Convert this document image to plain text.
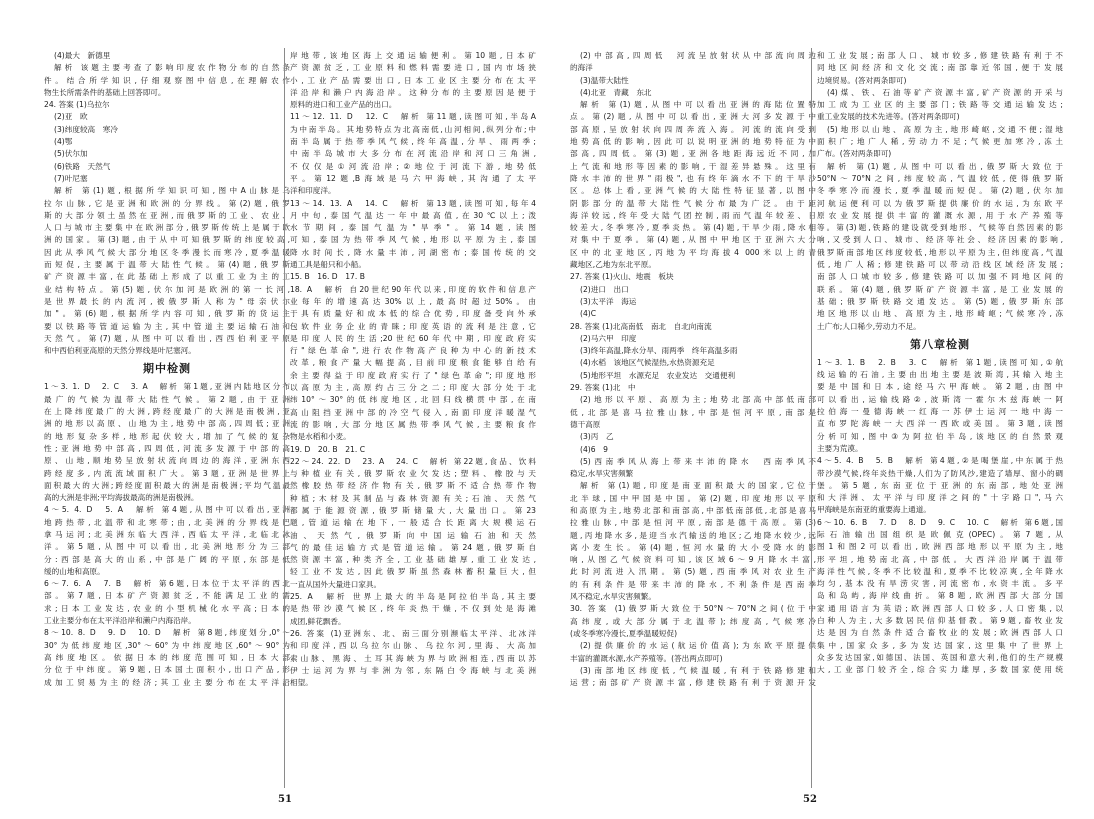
(4)最大　新德里
解析 该题主要考查了影响印度农作物分布的自然条
件。结合所学知识,仔细观察图中信息,在理解农作
物生长所需条件的基础上回答即可。
24. 答案 (1)乌拉尔
(2)亚　欧
(3)纬度较高　寒冷
(4)鄂
(5)伏尔加
(6)铁路　天然气
(7)叶尼塞
解析 第(1)题,根据所学知识可知,图中A山脉是乌
拉尔山脉,它是亚洲和欧洲的分界线。第(2)题,俄罗
斯的大部分领土虽然在亚洲,而俄罗斯的工业、农业、
人口与城市主要集中在欧洲部分,俄罗斯传统上是属于欧
洲的国家。第(3)题,由于从中可知俄罗斯的纬度较高,
因此从季风气候大部分地区冬季漫长而寒冷,夏季温暖
而短促,主要属于温带大陆性气候。第(4)题,俄罗斯
矿产资源丰富,在此基础上形成了以重工业为主的工
业结构特点。第(5)题,伏尔加河是欧洲的第一长河,
是世界最长的内流河,被俄罗斯人称为"母亲伏尔
加"。第(6)题,根据所学内容可知,俄罗斯的货运主
要以铁路等管道运输为主,其中管道主要运输石油和
天然气。第(7)题,从图中可以看出,西西伯利亚平原
和中西伯利亚高原的天然分界线是叶尼塞河。
期中检测
1～3. 1. D　2. C　3. A　解析 第1题,亚洲内陆地区分布
最广的气候为温带大陆性气候。第2题,由于亚洲
在上降纬度最广的大洲,跨经度最广的大洲是南极洲,亚
洲的地形以高原、山地为主,地势中部高,四周低;亚洲
的地形复杂多样,地形起伏较大,增加了气候的复杂
性;亚洲地势中部高,四周低,河流多发源于中部的高
原、山地,顺地势呈放射状流向周边的海洋,亚洲东西
跨经度多,内流流域面积广大。第3题,亚洲是世界上
面积最大的大洲;跨经度面积最大的洲是南极洲;平均气温最
高的大洲是非洲;平均海拔最高的洲是南极洲。
4～5. 4. D　5. A　解析 第4题,从图中可以看出,亚洲
地跨热带,北温带和北寒带;由,北美洲的分界线是巴
拿马运河;北美洲东临大西洋,西临太平洋,北临北冰
洋。第5题,从图中可以看出,北美洲地形分为三部
分:西部是高大的山系,中部是广阔的平原,东部是低
缓的山地和高原。
6～7. 6. A　7. B　解析 第6题,日本位于太平洋的西北
部。第7题,日本矿产资源贫乏,不能满足工业的需
求;日本工业发达,农业的小型机械化水平高;日本的
工业主要分布在太平洋沿岸和濑户内海沿岸。
8～10. 8. D　9. D　10. D　解析 第8题,纬度划分,0°～
30°为低纬度地区,30°～60°为中纬度地区,60°～90°为
高纬度地区。依据日本的纬度范围可知,日本大部
分位于中纬度。第9题,日本国土面积小,出口产品,形
成加工贸易为主的经济;其工业主要分布在太平洋沿
岸地带,该地区海上交通运输便利。第10题,日本矿
产资源贫乏,工业原料和燃料需要进口,国内市场狭
小,工业产品需要出口,日本工业区主要分布在太平
洋沿岸和濑户内海沿岸。这种分布的主要原因是便于
原料的进口和工业产品的出口。
11～12. 11. D　12. C　解析 第11题,读图可知,半岛A
为中南半岛。其地势特点为北高南低,山河相间,纵列分布;中
南半岛属于热带季风气候,终年高温,分旱、雨两季;
中南半岛城市大多分布在河流沿岸和河口三角洲,
不仅仅是①河流沿岸;②地位于河流下游,地势低
平。第12题,B海域是马六甲海峡,其沟通了太平
洋和印度洋。
13～14. 13. A　14. C　解析 第13题,读图可知,每年4
月中旬,泰国气温达一年中最高值,在30℃以上;泼
水节期间,泰国气温为"旱季"。第14题,读图
可知,泰国为热带季风气候,地形以平原为主,泰国
降水时间长,降水量丰沛,河湖密布;泰国传统的交
通工具是船只和小船。
15. B　16. D　17. B
18. A　解析 自20世纪90年代以来,印度的软件和信息产
业每年的增速高达30%以上,最高时超过50%。由
于具有质量好和成本低的综合优势,印度备受向外承
包软件业务企业的青睐;印度英语的流利是注意,它
是印度人民的生活;20世纪60年代中期,印度政府实
行"绿色革命",进行农作物高产良种为中心的新技术
改革,粮食产量大幅提高,目前印度粮食能够自给有
余主要得益于印度政府实行了"绿色革命";印度地形
以高原为主,高原约占三分之二;印度大部分处于北
纬10°～30°的低纬度地区,北回归线横贯中部,在南
高山阻挡亚洲中部的冷空气侵入,南面印度洋暖湿气
流的影响,大部分地区属热带季风气候,主要粮食作
物是水稻和小麦。
19. D　20. B　21. C
22～24. 22. D　23. A　24. C　解析 第22题,食品、饮料
与种植业有关,俄罗斯农业欠发达;塑料、橡胶与天
然橡胶热带经济作物有关,俄罗斯不适合热带作物
种植;木材及其制品与森林资源有关;石油、天然气
都属于能源资源,俄罗斯储量大,大量出口。第23
题,管道运输在地下,一般适合长距离大规模运石
油、天然气,俄罗斯向中国运输石油和天然
气的最佳运输方式是管道运输。第24题,俄罗斯自
然资源丰富,种类齐全,工业基础雄厚,重工业发达,
轻工业不发达,因此俄罗斯虽然森林蓄积量巨大,但
一直从国外大量进口家具。
25. A　解析 世界上最大的半岛是阿拉伯半岛,其主要
是热带沙漠气候区,终年炎热干燥,不仅到处是海滩
成团,鲜花飘香。
26. 答案 (1)亚洲东、北、南三面分别濒临太平洋、北冰洋
和印度洋,西以乌拉尔山脉、乌拉尔河,里海、大高加
索山脉、黑海、土耳其海峡为界与欧洲相连,西南以苏
伊士运河为界与非洲为邻,东隔白令海峡与北美洲
相望。
51
(2)中部高,四周低　河流呈放射状从中部流向周边
的海洋
(3)温带大陆性
(4)北亚　青藏　东北
解析 第(1)题,从图中可以看出亚洲的海陆位置特
点。第(2)题,从图中可以看出,亚洲大河多发源于中
部高原,呈放射状向四周奔流入海。河流的流向受到
地势高低的影响,因此可以说明亚洲的地势特征为中
部高,四周低。第(3)题,亚洲各地距海远近不同,加
上气流和地形等因素的影响,干湿差异悬殊。这里有
降水丰沛的世界"雨极",也有终年滴水不下的干旱沙
区。总体上看,亚洲气候的大陆性特征显著,以图中
阴影部分的温带大陆性气候分布最为广泛。由于距
海洋较远,终年受大陆气团控制,雨而气温年较差、日
较差大,冬季寒冷,夏季炎热。第(4)题,干旱少雨,降水相
对集中于夏季。第(4)题,从图中甲地区于亚洲六大分
区中的北亚地区,丙地为平均海拔4 000米以上的青
藏地区,乙地为东北平原。
27. 答案 (1)火山、地震　板块
(2)进口　出口
(3)太平洋　海运
(4)C
28. 答案 (1)北高南低　南北　自北向南流
(2)马六甲　印度
(3)终年高温,降水分旱、雨两季　终年高温多雨
(4)水稻　该地区气候湿热,水热资源充足
(5)地形平坦　水源充足　农业发达　交通便利
29. 答案 (1)北　中
(2)地形以平原、高原为主;地势北部高中部低南部
低,北部是喜马拉雅山脉,中部是恒河平原,南部是
德干高原
(3)丙　乙
(4)6　9
(5)西南季风从海上带来丰沛的降水　西南季风不
稳定,水旱灾害频繁
解析 第(1)题,印度是南亚面积最大的国家,它位于
北半球,国中甲国是中国。第(2)题,印度地形以平原
和高原为主,地势北部和南部高,中部低南部低,北部是喜马
拉雅山脉,中部是恒河平原,南部是德干高原。第(3)
题,丙地降水多,是迎当水汽输送的地区;乙地降水较少,远
离小麦生长。第(4)题,恒河水量的大小受降水的影
响,从图乙气候资料可知,该区域6～9月降水丰富,
此时河流进入汛期。第(5)题,西南季风对农业生产
的有利条件是带来丰沛的降水,不利条件是西南季
风不稳定,水旱灾害频繁。
30. 答案 (1)俄罗斯大致位于50°N～70°N之间(位于中
高纬度,或大部分属于北温带);纬度高,气候寒冷
(或冬季寒冷漫长,夏季温暖短促)
(2)提供廉价的水运(航运价值高);为东欧平原提供
丰富的灌溉水源,水产养殖等。(答出两点即可)
(3)南部地区纬度低,气候温暖,有利于铁路修建和
运营;南部矿产资源丰富,修建铁路有利于资源开发
和工业发展;南部人口、城市较多,修建铁路有利于不
同地区间经济和文化交流;南部靠近邻国,便于发展
边境贸易。(答对两条即可)
(4)煤、铁、石油等矿产资源丰富,矿产资源的开采与
加工成为工业区的主要部门;铁路等交通运输发达;
重工业发展的技术先进等。(答对两条即可)
(5)地形以山地、高原为主,地形崎岖,交通不便;湿地
面积广;地广人稀,劳动力不足;气候更加寒冷,冻土
广布。(答对两条即可)
解析 第(1)题,从图中可以看出,俄罗斯大致位于
50°N～70°N之间,纬度较高,气温较低,使得俄罗斯
冬季寒冷而漫长,夏季温暖而短促。第(2)题,伏尔加
河航运便利可以为俄罗斯提供廉价的水运,为东欧平
原农业发展提供丰富的灌溉水源,用于水产养殖等
等。第(3)题,铁路的建设就受到地形、气候等自然因素的影
响,又受到人口、城市、经济等社会、经济因素的影响,
俄罗斯南部地区纬度较低,地形以平原为主,但纬度高,气温
低,地广人稀;修建铁路可以带动沿线区域经济发展;
南部人口城市较多,修建铁路可以加强不同地区间的
联系。第(4)题,俄罗斯矿产资源丰富,是工业发展的
基础;俄罗斯铁路交通发达。第(5)题,俄罗斯东部
地区地形以山地、高原为主,地形崎岖;气候寒冷,冻
土广布;人口稀少,劳动力不足。
第八章检测
1～3. 1. B　2. B　3. C　解析 第1题,读图可知,①航
线运输的石油,主要由出地主要是波斯湾,其输入地主
要是中国和日本,途经马六甲海峡。第2题,由图中
可以看出,运输线路②,波斯湾一霍尔木兹海峡一阿
拉伯海一曼德海峡一红海一苏伊士运河一地中海一
直布罗陀海峡一大西洋一西欧或美国。第3题,读图
分析可知,图中③为阿拉伯半岛,该地区的自然景观
主要为荒漠。
4～5. 4. B　5. B　解析 第4题,②是喝堡崖,中东属于热
带沙漠气候,终年炎热干燥,人们为了防风沙,建造了墙厚、窗小的碉
堡。第5题,东南亚位于亚洲的东南部,地处亚洲
和大洋洲、太平洋与印度洋之间的"十字路口",马六
甲海峡是东南亚的重要海上通道。
6～10. 6. B　7. D　8. D　9. C　10. C　解析 第6题,国
际石油输出国组织是欧佩克(OPEC)。第7题,从
图1和图2可以看出,欧洲西部地形以平原为主,地
形平坦,地势南北高,中部低。大西洋沿岸属于温带
海洋性气候,冬季不比较温和,夏季不比较凉爽,全年降水
均匀,基本没有旱涝灾害,河流密布,水资丰流。多平
岛和岛屿,海岸线曲折。第8题,欧洲西部大部分国
家通用语言为英语;欧洲西部人口较多,人口密集,以
白种人为主,大多数居民信仰基督教。第9题,畜牧业发
达是因为自然条件适合畜牧业的发展;欧洲西部人口
集中,国家众多,多为发达国家,这里集中了世界上
众多发达国家,如德国、法国、英国和意大利,他们的生产规模
大,工业部门较齐全,综合实力雄厚,多数国家使用统
52
